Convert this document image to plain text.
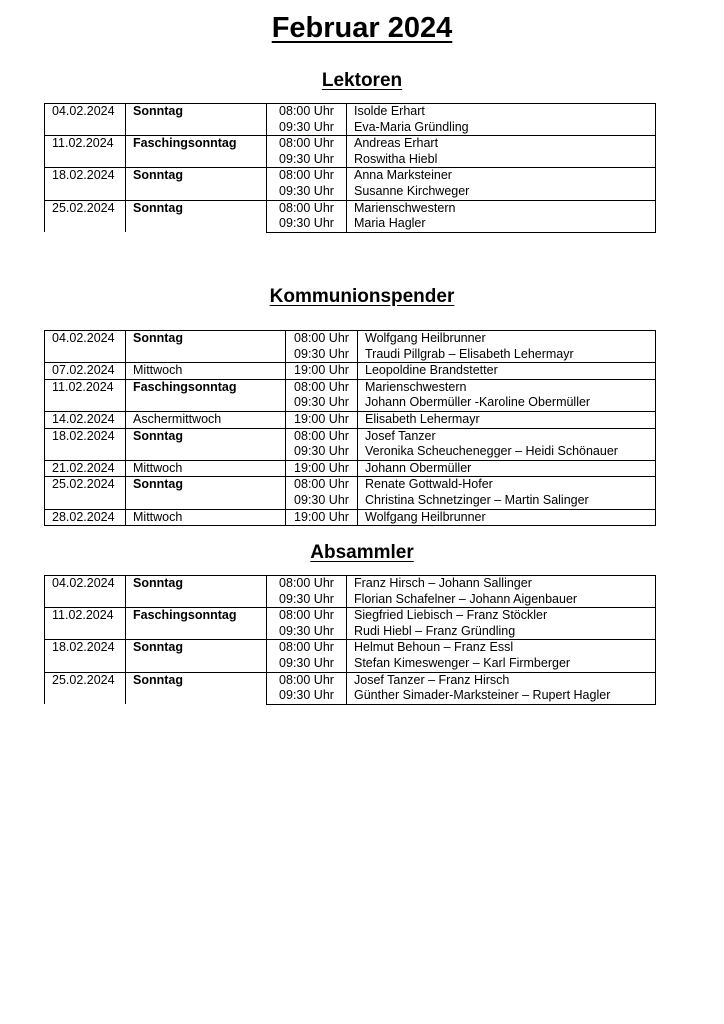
Februar 2024
Lektoren
04.02.2024	Sonntag	08:00 Uhr	Isolde Erhart

		09:30 Uhr	Eva-Maria Gründling

11.02.2024	Faschingsonntag	08:00 Uhr	Andreas Erhart

		09:30 Uhr	Roswitha Hiebl

18.02.2024	Sonntag	08:00 Uhr	Anna Marksteiner

		09:30 Uhr	Susanne Kirchweger

25.02.2024	Sonntag	08:00 Uhr	Marienschwestern

		09:30 Uhr	Maria Hagler
Kommunionspender
04.02.2024	Sonntag	08:00 Uhr	Wolfgang Heilbrunner

		09:30 Uhr	Traudi Pillgrab – Elisabeth Lehermayr

07.02.2024	Mittwoch	19:00 Uhr	Leopoldine Brandstetter

11.02.2024	Faschingsonntag	08:00 Uhr	Marienschwestern

		09:30 Uhr	Johann Obermüller -Karoline Obermüller

14.02.2024	Aschermittwoch	19:00 Uhr	Elisabeth Lehermayr

18.02.2024	Sonntag	08:00 Uhr	Josef Tanzer

		09:30 Uhr	Veronika Scheuchenegger – Heidi Schönauer

21.02.2024	Mittwoch	19:00 Uhr	Johann Obermüller

25.02.2024	Sonntag	08:00 Uhr	Renate Gottwald-Hofer

		09:30 Uhr	Christina Schnetzinger – Martin Salinger

28.02.2024	Mittwoch	19:00 Uhr	Wolfgang Heilbrunner
Absammler
04.02.2024	Sonntag	08:00 Uhr	Franz Hirsch – Johann Sallinger

		09:30 Uhr	Florian Schafelner – Johann Aigenbauer

11.02.2024	Faschingsonntag	08:00 Uhr	Siegfried Liebisch – Franz Stöckler

		09:30 Uhr	Rudi Hiebl – Franz Gründling

18.02.2024	Sonntag	08:00 Uhr	Helmut Behoun – Franz Essl

		09:30 Uhr	Stefan Kimeswenger – Karl Firmberger

25.02.2024	Sonntag	08:00 Uhr	Josef Tanzer – Franz Hirsch

		09:30 Uhr	Günther Simader-Marksteiner – Rupert Hagler
